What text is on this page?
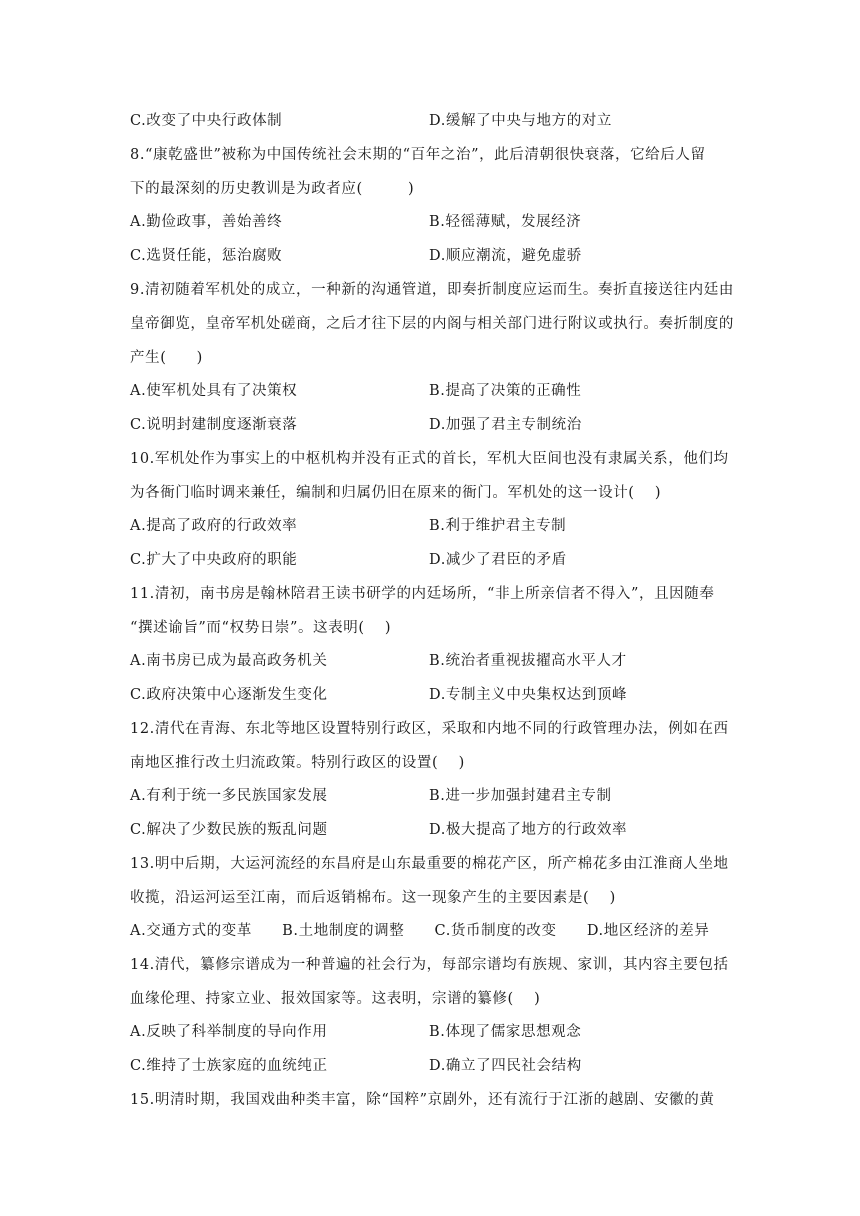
C.改变了中央行政体制	D.缓解了中央与地方的对立
8.“康乾盛世”被称为中国传统社会末期的“百年之治”，此后清朝很快衰落，它给后人留
下的最深刻的历史教训是为政者应(　　　)
A.勤俭政事，善始善终	B.轻徭薄赋，发展经济
C.选贤任能，惩治腐败	D.顺应潮流，避免虚骄
9.清初随着军机处的成立，一种新的沟通管道，即奏折制度应运而生。奏折直接送往内廷由
皇帝御览，皇帝军机处磋商，之后才往下层的内阁与相关部门进行附议或执行。奏折制度的
产生(　　)
A.使军机处具有了决策权	B.提高了决策的正确性
C.说明封建制度逐渐衰落	D.加强了君主专制统治
10.军机处作为事实上的中枢机构并没有正式的首长，军机大臣间也没有隶属关系，他们均
为各衙门临时调来兼任，编制和归属仍旧在原来的衙门。军机处的这一设计(　 )
A.提高了政府的行政效率	B.利于维护君主专制
C.扩大了中央政府的职能	D.减少了君臣的矛盾
11.清初，南书房是翰林陪君王读书研学的内廷场所，“非上所亲信者不得入”，且因随奉
“撰述谕旨”而“权势日崇”。这表明(　 )
A.南书房已成为最高政务机关	B.统治者重视拔擢高水平人才
C.政府决策中心逐渐发生变化	D.专制主义中央集权达到顶峰
12.清代在青海、东北等地区设置特别行政区，采取和内地不同的行政管理办法，例如在西
南地区推行改土归流政策。特别行政区的设置(　 )
A.有利于统一多民族国家发展	B.进一步加强封建君主专制
C.解决了少数民族的叛乱问题	D.极大提高了地方的行政效率
13.明中后期，大运河流经的东昌府是山东最重要的棉花产区，所产棉花多由江淮商人坐地
收揽，沿运河运至江南，而后返销棉布。这一现象产生的主要因素是(　 )
A.交通方式的变革　　B.土地制度的调整　　C.货币制度的改变　　D.地区经济的差异
14.清代，纂修宗谱成为一种普遍的社会行为，每部宗谱均有族规、家训，其内容主要包括
血缘伦理、持家立业、报效国家等。这表明，宗谱的纂修(　 )
A.反映了科举制度的导向作用	B.体现了儒家思想观念
C.维持了士族家庭的血统纯正	D.确立了四民社会结构
15.明清时期，我国戏曲种类丰富，除“国粹”京剧外，还有流行于江浙的越剧、安徽的黄
